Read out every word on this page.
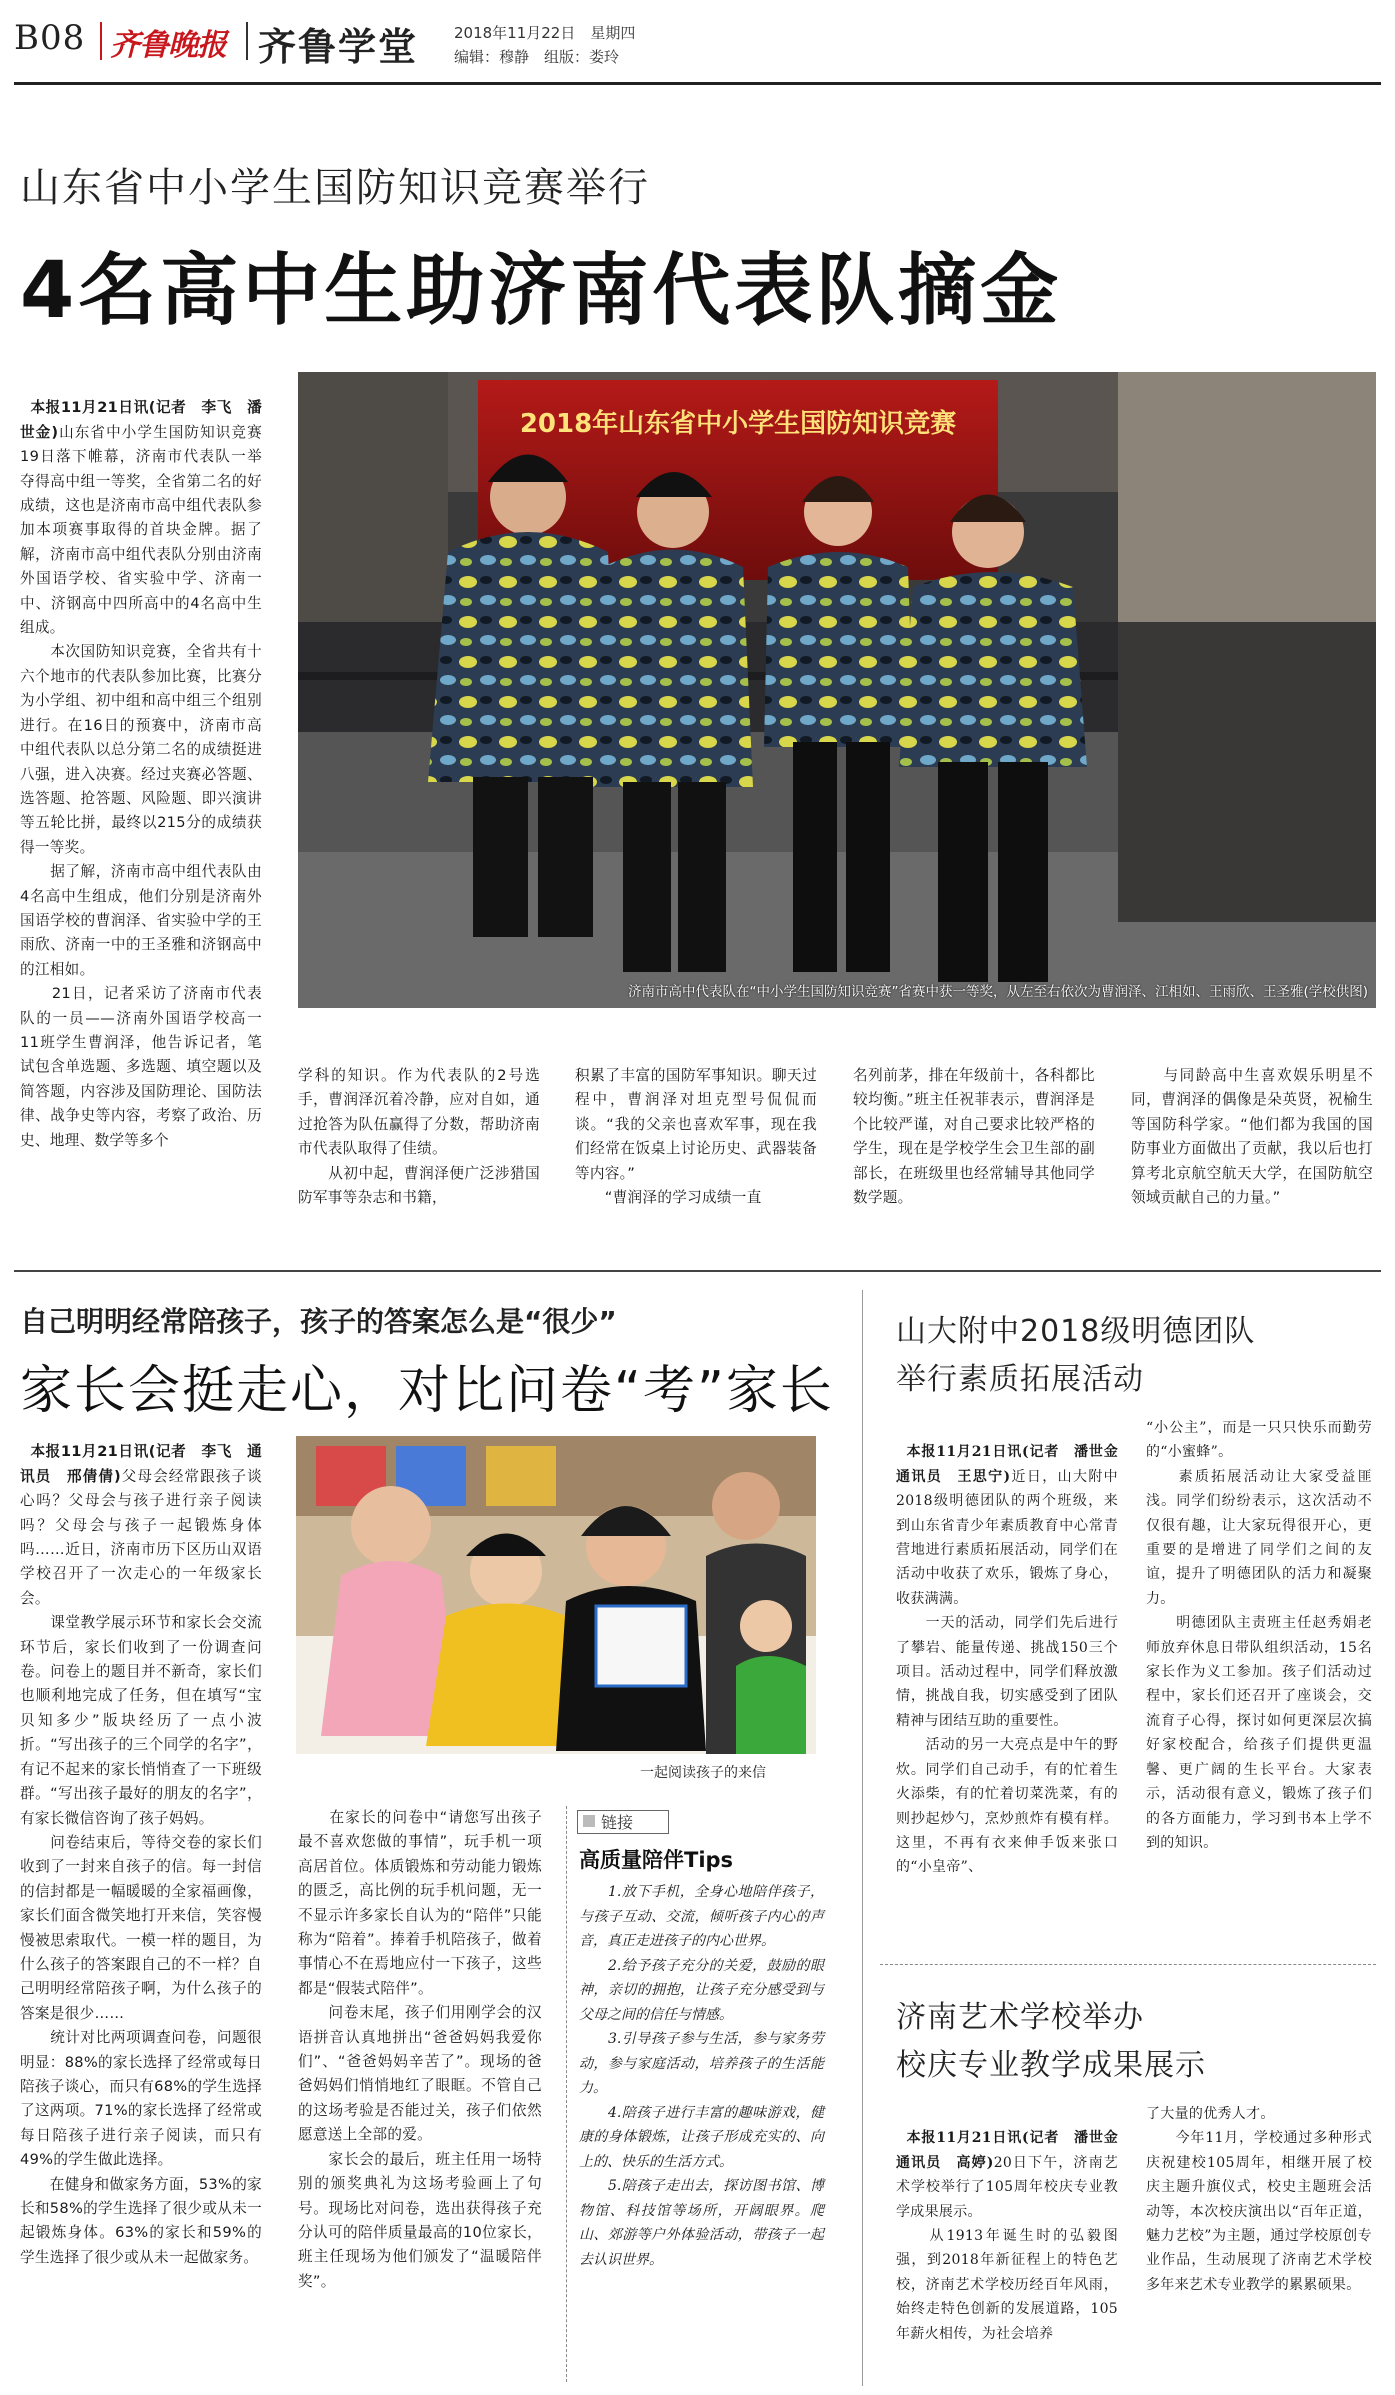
B08 齐鲁晚报 齐鲁学堂 2018年11月22日　星期四
编辑：穆静　组版：娄玲
山东省中小学生国防知识竞赛举行
4名高中生助济南代表队摘金

本报11月21日讯(记者　李飞　潘世金)山东省中小学生国防知识竞赛19日落下帷幕，济南市代表队一举夺得高中组一等奖，全省第二名的好成绩，这也是济南市高中组代表队参加本项赛事取得的首块金牌。据了解，济南市高中组代表队分别由济南外国语学校、省实验中学、济南一中、济钢高中四所高中的4名高中生组成。
　　本次国防知识竞赛，全省共有十六个地市的代表队参加比赛，比赛分为小学组、初中组和高中组三个组别进行。在16日的预赛中，济南市高中组代表队以总分第二名的成绩挺进八强，进入决赛。经过夹赛必答题、选答题、抢答题、风险题、即兴演讲等五轮比拼，最终以215分的成绩获得一等奖。
　　据了解，济南市高中组代表队由4名高中生组成，他们分别是济南外国语学校的曹润泽、省实验中学的王雨欣、济南一中的王圣雅和济钢高中的江相如。
　　21日，记者采访了济南市代表队的一员——济南外国语学校高一11班学生曹润泽，他告诉记者，笔试包含单选题、多选题、填空题以及简答题，内容涉及国防理论、国防法律、战争史等内容，考察了政治、历史、地理、数学等多个

2018年山东省中小学生国防知识竞赛
济南市高中代表队在“中小学生国防知识竞赛”省赛中获一等奖，从左至右依次为曹润泽、江相如、王雨欣、王圣雅(学校供图)
学科的知识。作为代表队的2号选手，曹润泽沉着冷静，应对自如，通过抢答为队伍赢得了分数，帮助济南市代表队取得了佳绩。
　　从初中起，曹润泽便广泛涉猎国防军事等杂志和书籍，
积累了丰富的国防军事知识。聊天过程中，曹润泽对坦克型号侃侃而谈。“我的父亲也喜欢军事，现在我们经常在饭桌上讨论历史、武器装备等内容。”
　　“曹润泽的学习成绩一直
名列前茅，排在年级前十，各科都比较均衡。”班主任祝菲表示，曹润泽是个比较严谨，对自己要求比较严格的学生，现在是学校学生会卫生部的副部长，在班级里也经常辅导其他同学数学题。
　　与同龄高中生喜欢娱乐明星不同，曹润泽的偶像是朵英贤，祝榆生等国防科学家。“他们都为我国的国防事业方面做出了贡献，我以后也打算考北京航空航天大学，在国防航空领域贡献自己的力量。”
自己明明经常陪孩子，孩子的答案怎么是“很少”
家长会挺走心，对比问卷“考”家长

本报11月21日讯(记者　李飞　通讯员　邢倩倩)父母会经常跟孩子谈心吗？父母会与孩子进行亲子阅读吗？父母会与孩子一起锻炼身体吗……近日，济南市历下区历山双语学校召开了一次走心的一年级家长会。
　　课堂教学展示环节和家长会交流环节后，家长们收到了一份调查问卷。问卷上的题目并不新奇，家长们也顺利地完成了任务，但在填写“宝贝知多少”版块经历了一点小波折。“写出孩子的三个同学的名字”，有记不起来的家长悄悄查了一下班级群。“写出孩子最好的朋友的名字”，有家长微信咨询了孩子妈妈。
　　问卷结束后，等待交卷的家长们收到了一封来自孩子的信。每一封信的信封都是一幅暖暖的全家福画像，家长们面含微笑地打开来信，笑容慢慢被思索取代。一模一样的题目，为什么孩子的答案跟自己的不一样？自己明明经常陪孩子啊，为什么孩子的答案是很少……
　　统计对比两项调查问卷，问题很明显：88%的家长选择了经常或每日陪孩子谈心，而只有68%的学生选择了这两项。71%的家长选择了经常或每日陪孩子进行亲子阅读，而只有49%的学生做此选择。
　　在健身和做家务方面，53%的家长和58%的学生选择了很少或从未一起锻炼身体。63%的家长和59%的学生选择了很少或从未一起做家务。

一起阅读孩子的来信
　　在家长的问卷中“请您写出孩子最不喜欢您做的事情”，玩手机一项高居首位。体质锻炼和劳动能力锻炼的匮乏，高比例的玩手机问题，无一不显示许多家长自认为的“陪伴”只能称为“陪着”。捧着手机陪孩子，做着事情心不在焉地应付一下孩子，这些都是“假装式陪伴”。
　　问卷末尾，孩子们用刚学会的汉语拼音认真地拼出“爸爸妈妈我爱你们”、“爸爸妈妈辛苦了”。现场的爸爸妈妈们悄悄地红了眼眶。不管自己的这场考验是否能过关，孩子们依然愿意送上全部的爱。
　　家长会的最后，班主任用一场特别的颁奖典礼为这场考验画上了句号。现场比对问卷，选出获得孩子充分认可的陪伴质量最高的10位家长，班主任现场为他们颁发了“温暖陪伴奖”。
链接
高质量陪伴Tips
　　1.放下手机，全身心地陪伴孩子，与孩子互动、交流，倾听孩子内心的声音，真正走进孩子的内心世界。
　　2.给予孩子充分的关爱，鼓励的眼神，亲切的拥抱，让孩子充分感受到与父母之间的信任与情感。
　　3.引导孩子参与生活，参与家务劳动，参与家庭活动，培养孩子的生活能力。
　　4.陪孩子进行丰富的趣味游戏，健康的身体锻炼，让孩子形成充实的、向上的、快乐的生活方式。
　　5.陪孩子走出去，探访图书馆、博物馆、科技馆等场所，开阔眼界。爬山、郊游等户外体验活动，带孩子一起去认识世界。
山大附中2018级明德团队
举行素质拓展活动

本报11月21日讯(记者　潘世金　通讯员　王思宁)近日，山大附中2018级明德团队的两个班级，来到山东省青少年素质教育中心常青营地进行素质拓展活动，同学们在活动中收获了欢乐，锻炼了身心，收获满满。
　　一天的活动，同学们先后进行了攀岩、能量传递、挑战150三个项目。活动过程中，同学们释放激情，挑战自我，切实感受到了团队精神与团结互助的重要性。
　　活动的另一大亮点是中午的野炊。同学们自己动手，有的忙着生火添柴，有的忙着切菜洗菜，有的则抄起炒勺，烹炒煎炸有模有样。这里，不再有衣来伸手饭来张口的“小皇帝”、

“小公主”，而是一只只快乐而勤劳的“小蜜蜂”。
　　素质拓展活动让大家受益匪浅。同学们纷纷表示，这次活动不仅很有趣，让大家玩得很开心，更重要的是增进了同学们之间的友谊，提升了明德团队的活力和凝聚力。
　　明德团队主责班主任赵秀娟老师放弃休息日带队组织活动，15名家长作为义工参加。孩子们活动过程中，家长们还召开了座谈会，交流育子心得，探讨如何更深层次搞好家校配合，给孩子们提供更温馨、更广阔的生长平台。大家表示，活动很有意义，锻炼了孩子们的各方面能力，学习到书本上学不到的知识。
济南艺术学校举办
校庆专业教学成果展示

本报11月21日讯(记者　潘世金　通讯员　高婷)20日下午，济南艺术学校举行了105周年校庆专业教学成果展示。
　　从1913年诞生时的弘毅图强，到2018年新征程上的特色艺校，济南艺术学校历经百年风雨，始终走特色创新的发展道路，105年薪火相传，为社会培养

了大量的优秀人才。
　　今年11月，学校通过多种形式庆祝建校105周年，相继开展了校庆主题升旗仪式，校史主题班会活动等，本次校庆演出以“百年正道，魅力艺校”为主题，通过学校原创专业作品，生动展现了济南艺术学校多年来艺术专业教学的累累硕果。
